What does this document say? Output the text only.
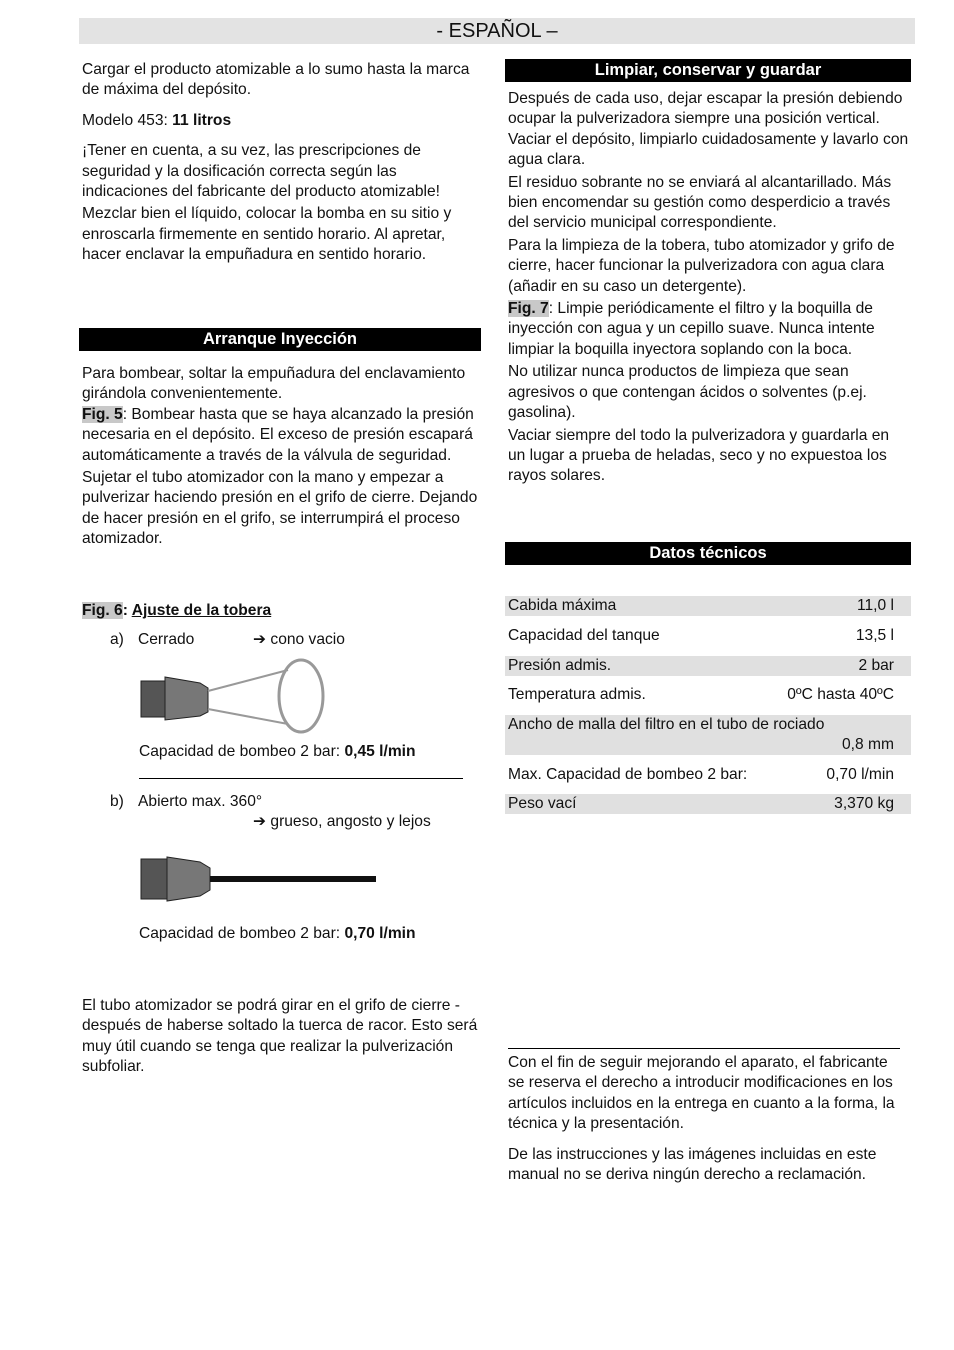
- ESPAÑOL –

Cargar el producto atomizable a lo sumo hasta la marca de máxima del depósito.

Modelo 453: 11 litros

¡Tener en cuenta, a su vez, las prescripciones de seguridad y la dosificación correcta según las indicaciones del fabricante del producto atomizable!

Mezclar bien el líquido, colocar la bomba en su sitio y enroscarla firmemente en sentido horario. Al apretar, hacer enclavar la empuñadura en sentido horario.

Arranque Inyección

Para bombear, soltar la empuñadura del enclavamiento girándola convenientemente.

Fig. 5: Bombear hasta que se haya alcanzado la presión necesaria en el depósito. El exceso de presión escapará automáticamente a través de la válvula de seguridad.

Sujetar el tubo atomizador con la mano y empezar a pulverizar haciendo presión en el grifo de cierre. Dejando de hacer presión en el grifo, se interrumpirá el proceso atomizador.

Fig. 6: Ajuste de la tobera

a) Cerrado	➔ cono vacio

Capacidad de bombeo 2 bar: 0,45 l/min

b) Abierto max. 360°
➔ grueso, angosto y lejos

Capacidad de bombeo 2 bar: 0,70 l/min

El tubo atomizador se podrá girar en el grifo de cierre - después de haberse soltado la tuerca de racor. Esto será muy útil cuando se tenga que realizar la pulverización subfoliar.

Limpiar, conservar y guardar

Después de cada uso, dejar escapar la presión debiendo ocupar la pulverizadora siempre una posición vertical. Vaciar el depósito, limpiarlo cuidadosamente y lavarlo con agua clara.

El residuo sobrante no se enviará al alcantarillado. Más bien encomendar su gestión como desperdicio a través del servicio municipal correspondiente.

Para la limpieza de la tobera, tubo atomizador y grifo de cierre, hacer funcionar la pulverizadora con agua clara (añadir en su caso un detergente).

Fig. 7: Limpie periódicamente el filtro y la boquilla de inyección con agua y un cepillo suave. Nunca intente limpiar la boquilla inyectora soplando con la boca.

No utilizar nunca productos de limpieza que sean agresivos o que contengan ácidos o solventes (p.ej. gasolina).

Vaciar siempre del todo la pulverizadora y guardarla en un lugar a prueba de heladas, seco y no expuestoa los rayos solares.

Datos técnicos
Cabida máxima	11,0 l
Capacidad del tanque	13,5 l
Presión admis.	2 bar
Temperatura admis.	0ºC hasta 40ºC
Ancho de malla del filtro en el tubo de rociado
0,8 mm
Max. Capacidad de bombeo 2 bar:	0,70 l/min
Peso vací	3,370 kg

Con el fin de seguir mejorando el aparato, el fabricante se reserva el derecho a introducir modificaciones en los artículos incluidos en la entrega en cuanto a la forma, la técnica y la presentación.

De las instrucciones y las imágenes incluidas en este manual no se deriva ningún derecho a reclamación.
